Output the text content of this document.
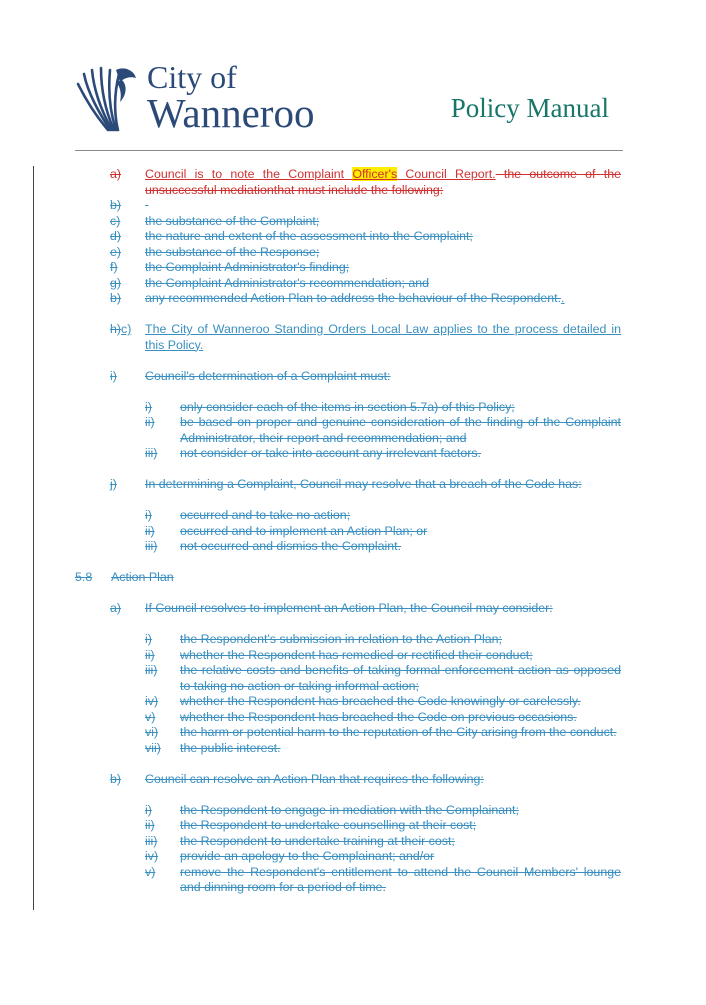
City of
Wanneroo	Policy Manual
a) Council is to note the Complaint Officer's Council Report. the outcome of the unsuccessful mediationthat must include the following:
b)

c) the substance of the Complaint;
d) the nature and extent of the assessment into the Complaint;
e) the substance of the Response;
f) the Complaint Administrator's finding;
g) the Complaint Administrator's recommendation; and
b) any recommended Action Plan to address the behaviour of the Respondent..
h)c) The City of Wanneroo Standing Orders Local Law applies to the process detailed in this Policy.
i) Council's determination of a Complaint must:
i) only consider each of the items in section 5.7a) of this Policy;
ii) be based on proper and genuine consideration of the finding of the Complaint Administrator, their report and recommendation; and
iii) not consider or take into account any irrelevant factors.
j) In determining a Complaint, Council may resolve that a breach of the Code has:
i) occurred and to take no action;
ii) occurred and to implement an Action Plan; or
iii) not occurred and dismiss the Complaint.
5.8 Action Plan
a) If Council resolves to implement an Action Plan, the Council may consider:
i) the Respondent's submission in relation to the Action Plan;
ii) whether the Respondent has remedied or rectified their conduct;
iii) the relative costs and benefits of taking formal enforcement action as opposed to taking no action or taking informal action;
iv) whether the Respondent has breached the Code knowingly or carelessly.
v) whether the Respondent has breached the Code on previous occasions.
vi) the harm or potential harm to the reputation of the City arising from the conduct.
vii) the public interest.
b) Council can resolve an Action Plan that requires the following:
i) the Respondent to engage in mediation with the Complainant;
ii) the Respondent to undertake counselling at their cost;
iii) the Respondent to undertake training at their cost;
iv) provide an apology to the Complainant; and/or
v) remove the Respondent's entitlement to attend the Council Members' lounge and dinning room for a period of time.
